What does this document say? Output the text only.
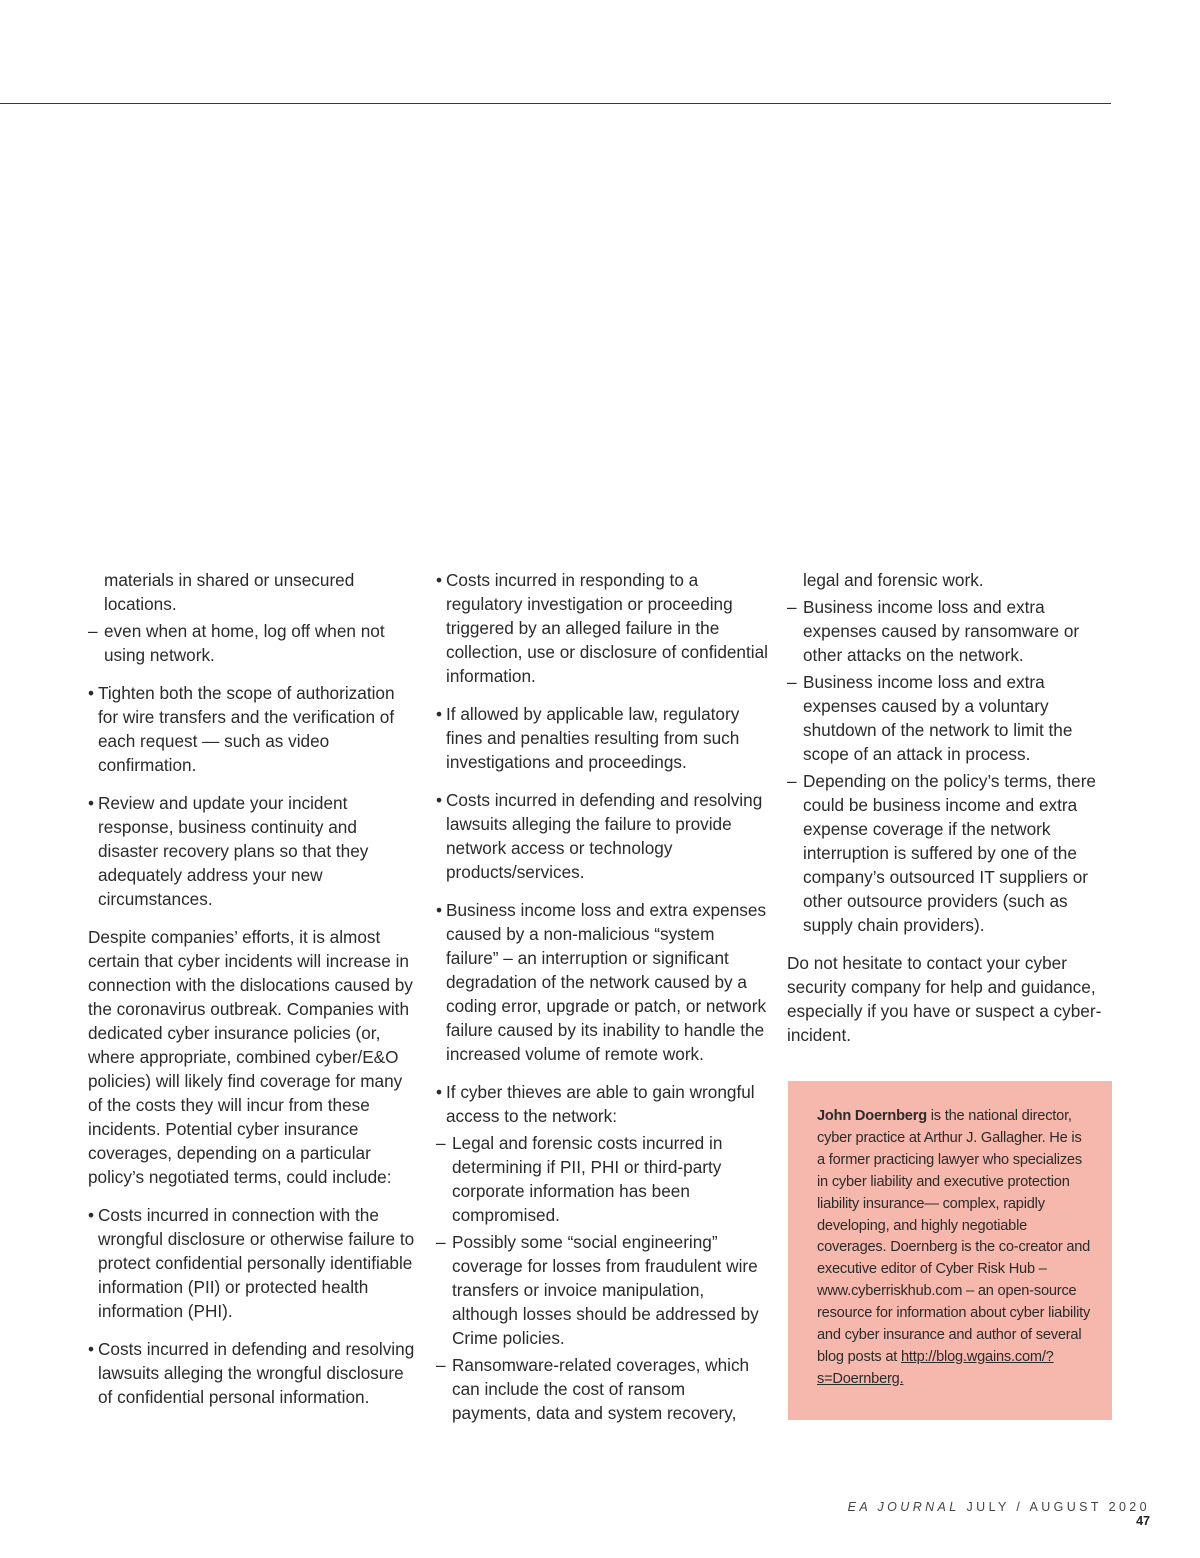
materials in shared or unsecured locations.

– even when at home, log off when not using network.

• Tighten both the scope of authorization for wire transfers and the verification of each request — such as video confirmation.

• Review and update your incident response, business continuity and disaster recovery plans so that they adequately address your new circumstances.

Despite companies’ efforts, it is almost certain that cyber incidents will increase in connection with the dislocations caused by the coronavirus outbreak. Companies with dedicated cyber insurance policies (or, where appropriate, combined cyber/E&O policies) will likely find coverage for many of the costs they will incur from these incidents. Potential cyber insurance coverages, depending on a particular policy’s negotiated terms, could include:

• Costs incurred in connection with the wrongful disclosure or otherwise failure to protect confidential personally identifiable information (PII) or protected health information (PHI).

• Costs incurred in defending and resolving lawsuits alleging the wrongful disclosure of confidential personal information.

• Costs incurred in responding to a regulatory investigation or proceeding triggered by an alleged failure in the collection, use or disclosure of confidential information.

• If allowed by applicable law, regulatory fines and penalties resulting from such investigations and proceedings.

• Costs incurred in defending and resolving lawsuits alleging the failure to provide network access or technology products/services.

• Business income loss and extra expenses caused by a non-malicious “system failure” – an interruption or significant degradation of the network caused by a coding error, upgrade or patch, or network failure caused by its inability to handle the increased volume of remote work.

• If cyber thieves are able to gain wrongful access to the network:

– Legal and forensic costs incurred in determining if PII, PHI or third-party corporate information has been compromised.

– Possibly some “social engineering” coverage for losses from fraudulent wire transfers or invoice manipulation, although losses should be addressed by Crime policies.

– Ransomware-related coverages, which can include the cost of ransom payments, data and system recovery,

legal and forensic work.

– Business income loss and extra expenses caused by ransomware or other attacks on the network.

– Business income loss and extra expenses caused by a voluntary shutdown of the network to limit the scope of an attack in process.

– Depending on the policy’s terms, there could be business income and extra expense coverage if the network interruption is suffered by one of the company’s outsourced IT suppliers or other outsource providers (such as supply chain providers).

Do not hesitate to contact your cyber security company for help and guidance, especially if you have or suspect a cyber-incident.

John Doernberg is the national director, cyber practice at Arthur J. Gallagher. He is a former practicing lawyer who specializes in cyber liability and executive protection liability insurance— complex, rapidly developing, and highly negotiable coverages. Doernberg is the co-creator and executive editor of Cyber Risk Hub – www.cyberriskhub.com – an open-source resource for information about cyber liability and cyber insurance and author of several blog posts at http://blog.wgains.com/?s=Doernberg.
EA JOURNAL JULY / AUGUST 2020 47
